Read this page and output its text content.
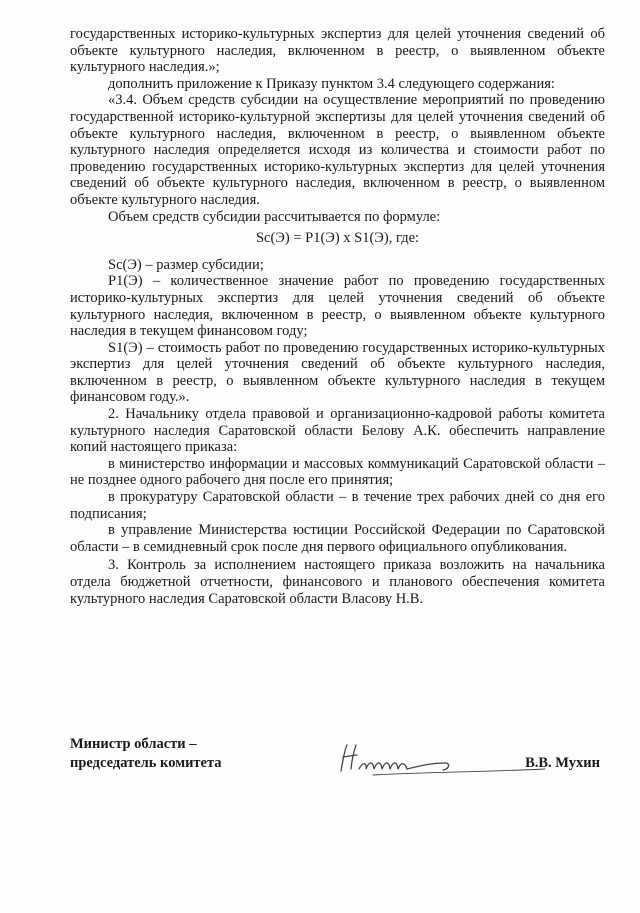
государственных историко-культурных экспертиз для целей уточнения сведений об объекте культурного наследия, включенном в реестр, о выявленном объекте культурного наследия.»;

дополнить приложение к Приказу пунктом 3.4 следующего содержания:

«3.4. Объем средств субсидии на осуществление мероприятий по проведению государственной историко-культурной экспертизы для целей уточнения сведений об объекте культурного наследия, включенном в реестр, о выявленном объекте культурного наследия определяется исходя из количества и стоимости работ по проведению государственных историко-культурных экспертиз для целей уточнения сведений об объекте культурного наследия, включенном в реестр, о выявленном объекте культурного наследия.

Объем средств субсидии рассчитывается по формуле:

Sc(Э) = P1(Э) x S1(Э), где:

Sc(Э) – размер субсидии;

P1(Э) – количественное значение работ по проведению государственных историко-культурных экспертиз для целей уточнения сведений об объекте культурного наследия, включенном в реестр, о выявленном объекте культурного наследия в текущем финансовом году;

S1(Э) – стоимость работ по проведению государственных историко-культурных экспертиз для целей уточнения сведений об объекте культурного наследия, включенном в реестр, о выявленном объекте культурного наследия в текущем финансовом году.».

2. Начальнику отдела правовой и организационно-кадровой работы комитета культурного наследия Саратовской области Белову А.К. обеспечить направление копий настоящего приказа:

в министерство информации и массовых коммуникаций Саратовской области – не позднее одного рабочего дня после его принятия;

в прокуратуру Саратовской области – в течение трех рабочих дней со дня его подписания;

в управление Министерства юстиции Российской Федерации по Саратовской области – в семидневный срок после дня первого официального опубликования.

3. Контроль за исполнением настоящего приказа возложить на начальника отдела бюджетной отчетности, финансового и планового обеспечения комитета культурного наследия Саратовской области Власову Н.В.

Министр области –
председатель комитета	В.В. Мухин
